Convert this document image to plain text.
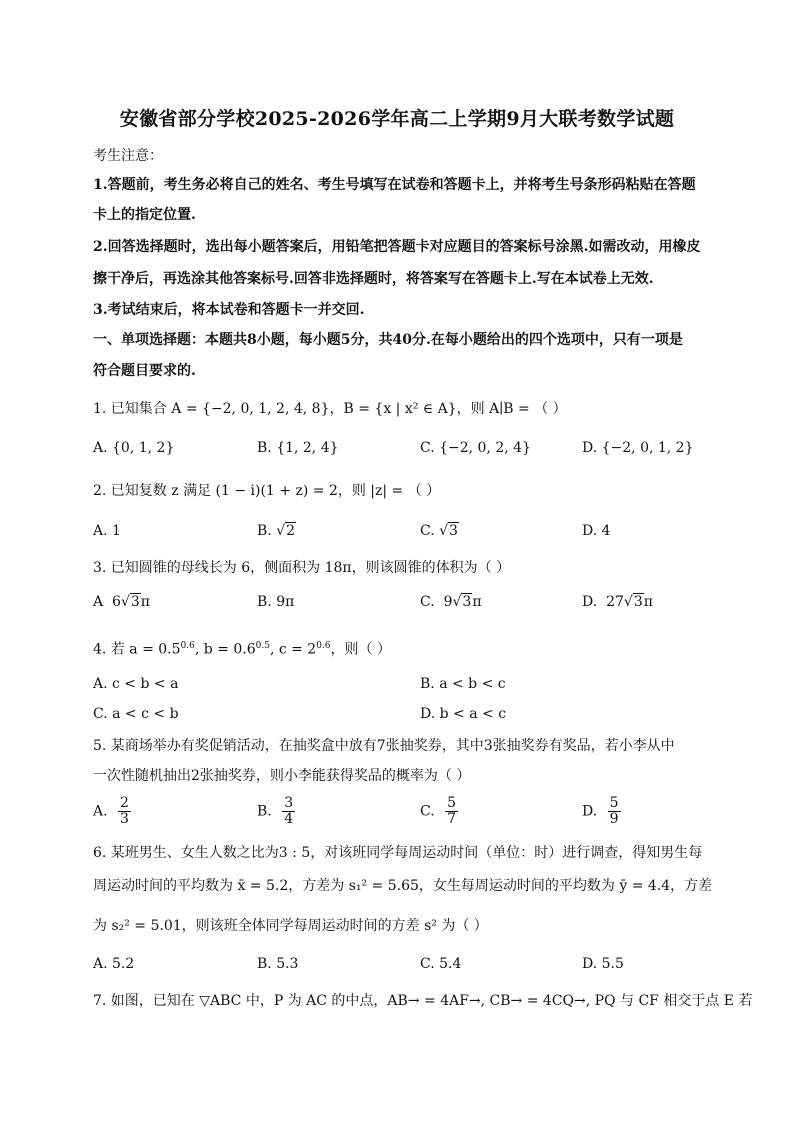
安徽省部分学校2025-2026学年高二上学期9月大联考数学试题
考生注意：
1.答题前，考生务必将自己的姓名、考生号填写在试卷和答题卡上，并将考生号条形码粘贴在答题
卡上的指定位置.
2.回答选择题时，选出每小题答案后，用铅笔把答题卡对应题目的答案标号涂黑.如需改动，用橡皮
擦干净后，再选涂其他答案标号.回答非选择题时，将答案写在答题卡上.写在本试卷上无效.
3.考试结束后，将本试卷和答题卡一并交回.
一、单项选择题：本题共8小题，每小题5分，共40分.在每小题给出的四个选项中，只有一项是
符合题目要求的.
1. 已知集合 A = {−2, 0, 1, 2, 4, 8}，B = {x | x² ∈ A}，则 A∣B = （ ）
A. {0, 1, 2}	B. {1, 2, 4}	C. {−2, 0, 2, 4}	D. {−2, 0, 1, 2}
2. 已知复数 z 满足 (1 − i)(1 + z) = 2，则 |z| = （ ）
A. 1	B. √2	C. √3	D. 4
3. 已知圆锥的母线长为 6，侧面积为 18π，则该圆锥的体积为（ ）
A 6√3π	B. 9π	C. 9√3π	D. 27√3π
4. 若 $a = 0.5^{0.6}$, $b = 0.6^{0.5}$, $c = 2^{0.6}$，则（ ）
A. c < b < a	B. a < b < c
C. a < c < b	D. b < a < c
5. 某商场举办有奖促销活动，在抽奖盒中放有7张抽奖券，其中3张抽奖券有奖品，若小李从中
一次性随机抽出2张抽奖券，则小李能获得奖品的概率为（ ）
A. $\frac{2}{3}$	B. $\frac{3}{4}$	C. $\frac{5}{7}$	D. $\frac{5}{9}$
6. 某班男生、女生人数之比为3 : 5，对该班同学每周运动时间（单位：时）进行调查，得知男生每
周运动时间的平均数为 x̄ = 5.2，方差为 s₁² = 5.65，女生每周运动时间的平均数为 ȳ = 4.4，方差
为 s₂² = 5.01，则该班全体同学每周运动时间的方差 s² 为（ ）
A. 5.2	B. 5.3	C. 5.4	D. 5.5
7. 如图，已知在 ▽ABC 中，P 为 AC 的中点，AB→ = 4AF→, CB→ = 4CQ→, PQ 与 CF 相交于点 E 若
